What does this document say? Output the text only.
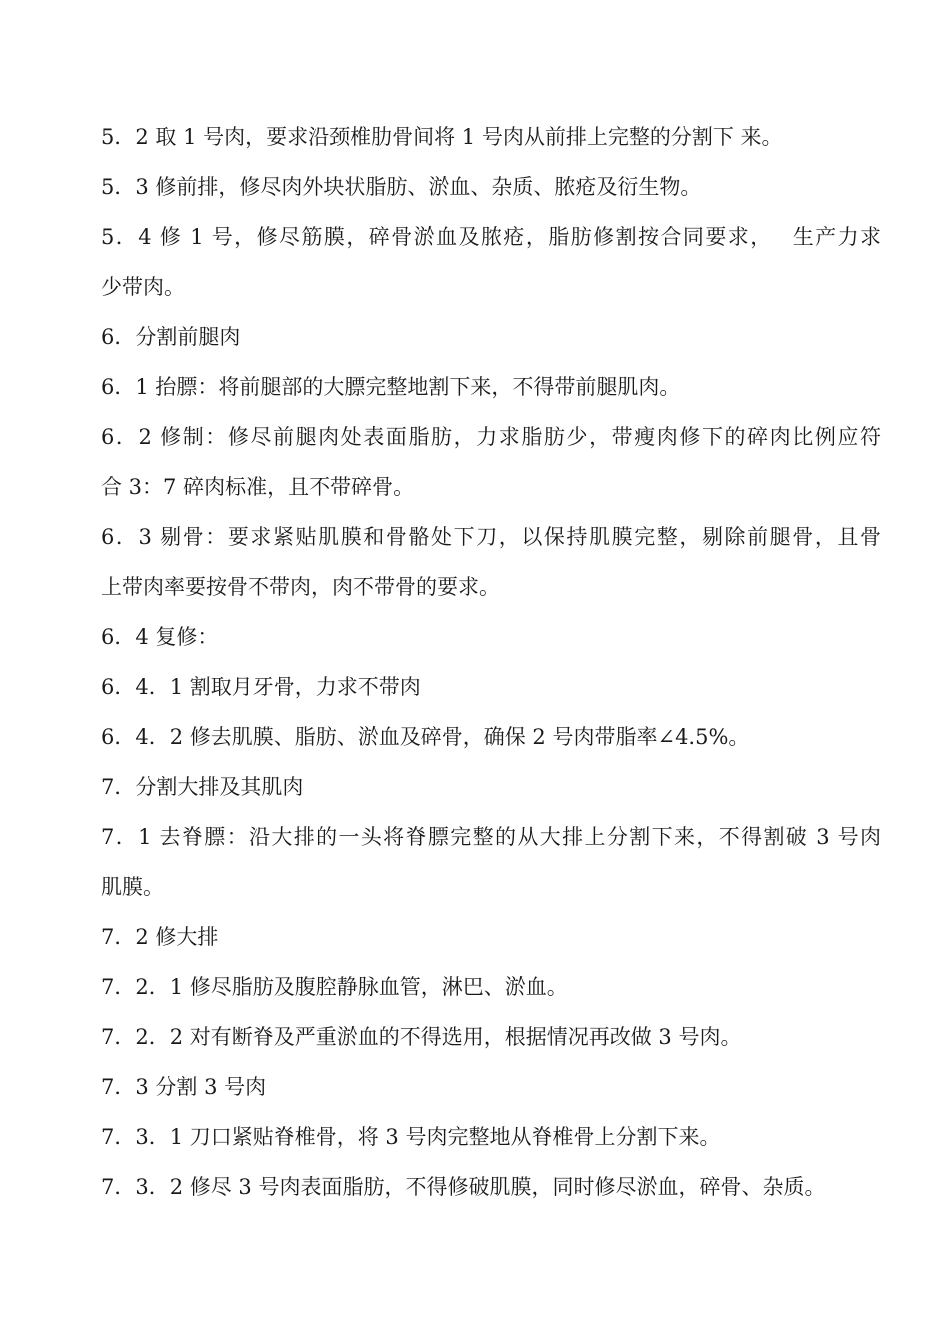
5．2 取 1 号肉，要求沿颈椎肋骨间将 1 号肉从前排上完整的分割下 来。
5．3 修前排，修尽肉外块状脂肪、淤血、杂质、脓疮及衍生物。
5．4 修 1 号，修尽筋膜，碎骨淤血及脓疮，脂肪修割按合同要求，　 生产力求
少带肉。
6．分割前腿肉
6．1 抬膘：将前腿部的大膘完整地割下来，不得带前腿肌肉。
6．2 修制：修尽前腿肉处表面脂肪，力求脂肪少，带瘦肉修下的碎肉比例应符
合 3：7 碎肉标准，且不带碎骨。
6．3 剔骨：要求紧贴肌膜和骨骼处下刀，以保持肌膜完整，剔除前腿骨，且骨
上带肉率要按骨不带肉，肉不带骨的要求。
6．4 复修：
6．4．1 割取月牙骨，力求不带肉
6．4．2 修去肌膜、脂肪、淤血及碎骨，确保 2 号肉带脂率∠4.5%。
7．分割大排及其肌肉
7．1 去脊膘：沿大排的一头将脊膘完整的从大排上分割下来，不得割破 3 号肉
肌膜。
7．2 修大排
7．2．1 修尽脂肪及腹腔静脉血管，淋巴、淤血。
7．2．2 对有断脊及严重淤血的不得选用，根据情况再改做 3 号肉。
7．3 分割 3 号肉
7．3．1 刀口紧贴脊椎骨，将 3 号肉完整地从脊椎骨上分割下来。
7．3．2 修尽 3 号肉表面脂肪，不得修破肌膜，同时修尽淤血，碎骨、杂质。
